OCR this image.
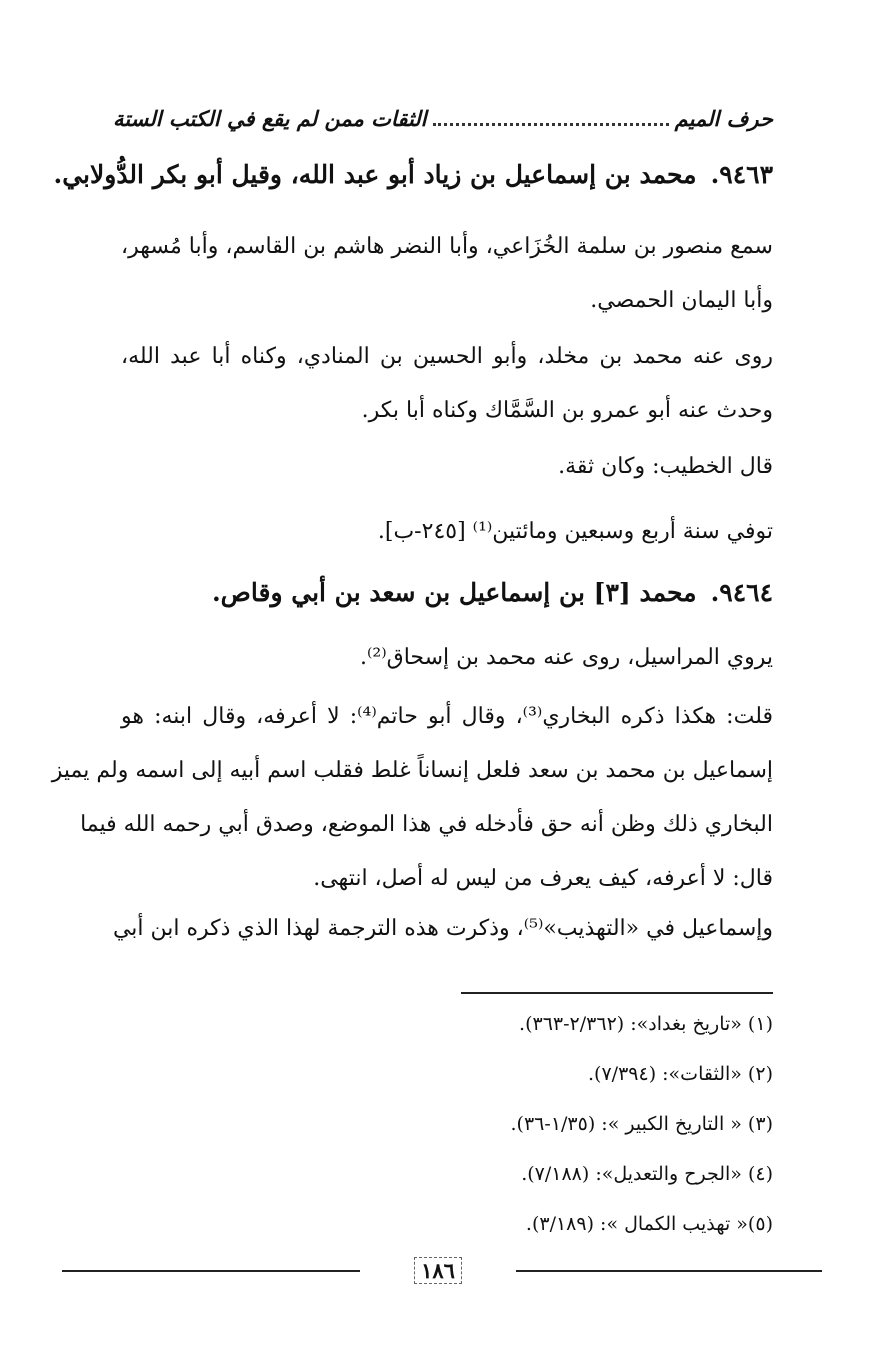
حرف الميم
الثقات ممن لم يقع في الكتب الستة
٩٤٦٣.محمد بن إسماعيل بن زياد أبو عبد الله، وقيل أبو بكر الدُّولابي.
سمع منصور بن سلمة الخُزَاعي، وأبا النضر هاشم بن القاسم، وأبا مُسهر،
وأبا اليمان الحمصي.
روى عنه محمد بن مخلد، وأبو الحسين بن المنادي، وكناه أبا عبد الله،
وحدث عنه أبو عمرو بن السَّمَّاك وكناه أبا بكر.
قال الخطيب: وكان ثقة.
توفي سنة أربع وسبعين ومائتين⁽¹⁾ [٢٤٥-ب].
٩٤٦٤.محمد [٣] بن إسماعيل بن سعد بن أبي وقاص.
يروي المراسيل، روى عنه محمد بن إسحاق⁽²⁾.
قلت: هكذا ذكره البخاري⁽³⁾، وقال أبو حاتم⁽⁴⁾: لا أعرفه، وقال ابنه: هو
إسماعيل بن محمد بن سعد فلعل إنساناً غلط فقلب اسم أبيه إلى اسمه ولم يميز
البخاري ذلك وظن أنه حق فأدخله في هذا الموضع، وصدق أبي رحمه الله فيما
قال: لا أعرفه، كيف يعرف من ليس له أصل، انتهى.
وإسماعيل في «التهذيب»⁽⁵⁾، وذكرت هذه الترجمة لهذا الذي ذكره ابن أبي
(١) «تاريخ بغداد»: (٢/٣٦٢-٣٦٣).
(٢) «الثقات»: (٧/٣٩٤).
(٣) « التاريخ الكبير »: (١/٣٥-٣٦).
(٤) «الجرح والتعديل»: (٧/١٨٨).
(٥)« تهذيب الكمال »: (٣/١٨٩).
١٨٦
